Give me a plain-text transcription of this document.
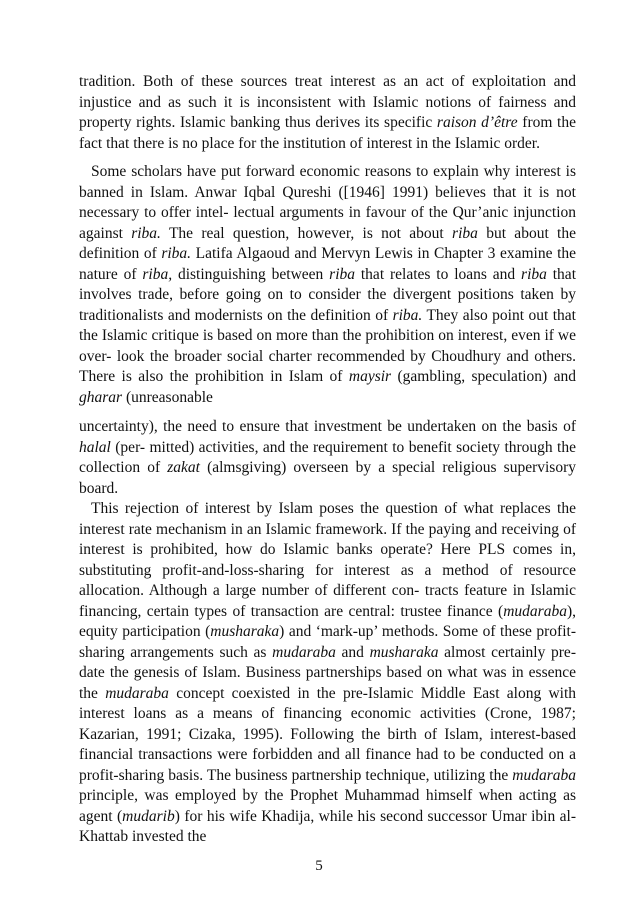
tradition. Both of these sources treat interest as an act of exploitation and injustice and as such it is inconsistent with Islamic notions of fairness and property rights. Islamic banking thus derives its specific raison d’être from the fact that there is no place for the institution of interest in the Islamic order.

Some scholars have put forward economic reasons to explain why interest is banned in Islam. Anwar Iqbal Qureshi ([1946] 1991) believes that it is not necessary to offer intel- lectual arguments in favour of the Qur’anic injunction against riba. The real question, however, is not about riba but about the definition of riba. Latifa Algaoud and Mervyn Lewis in Chapter 3 examine the nature of riba, distinguishing between riba that relates to loans and riba that involves trade, before going on to consider the divergent positions taken by traditionalists and modernists on the definition of riba. They also point out that the Islamic critique is based on more than the prohibition on interest, even if we over- look the broader social charter recommended by Choudhury and others. There is also the prohibition in Islam of maysir (gambling, speculation) and gharar (unreasonable

uncertainty), the need to ensure that investment be undertaken on the basis of halal (per- mitted) activities, and the requirement to benefit society through the collection of zakat (almsgiving) overseen by a special religious supervisory board.

This rejection of interest by Islam poses the question of what replaces the interest rate mechanism in an Islamic framework. If the paying and receiving of interest is prohibited, how do Islamic banks operate? Here PLS comes in, substituting profit-and-loss-sharing for interest as a method of resource allocation. Although a large number of different con- tracts feature in Islamic financing, certain types of transaction are central: trustee finance (mudaraba), equity participation (musharaka) and ‘mark-up’ methods. Some of these profit-sharing arrangements such as mudaraba and musharaka almost certainly pre-date the genesis of Islam. Business partnerships based on what was in essence the mudaraba concept coexisted in the pre-Islamic Middle East along with interest loans as a means of financing economic activities (Crone, 1987; Kazarian, 1991; Cizaka, 1995). Following the birth of Islam, interest-based financial transactions were forbidden and all finance had to be conducted on a profit-sharing basis. The business partnership technique, utilizing the mudaraba principle, was employed by the Prophet Muhammad himself when acting as agent (mudarib) for his wife Khadija, while his second successor Umar ibin al-Khattab invested the

5
